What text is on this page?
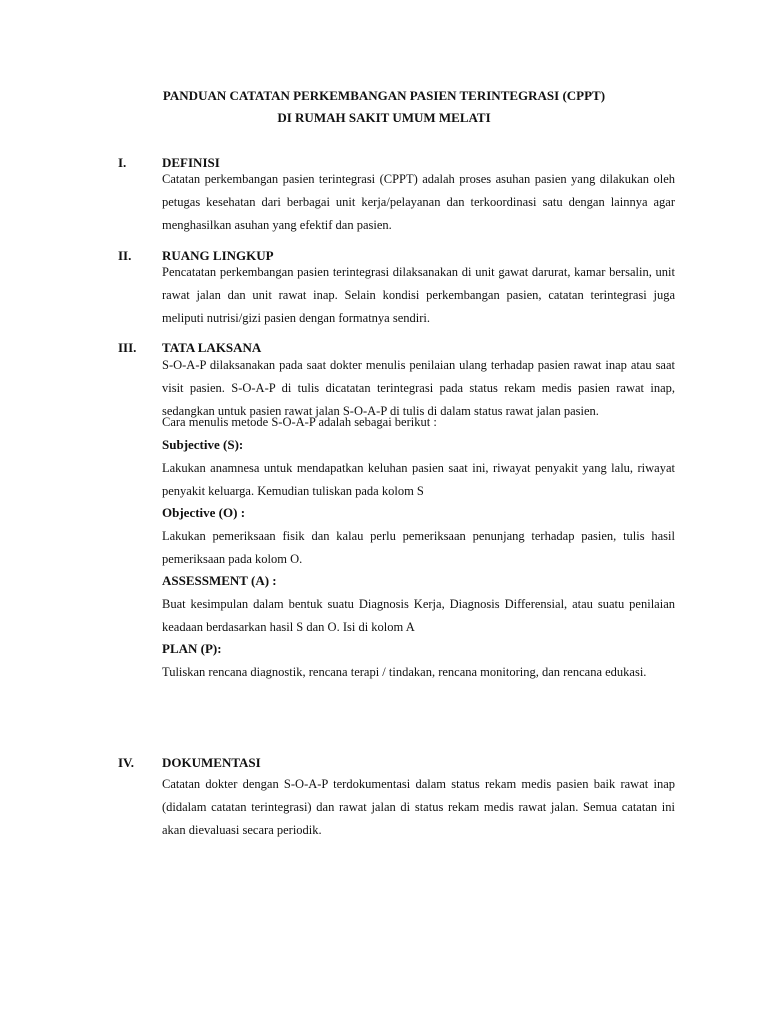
PANDUAN CATATAN PERKEMBANGAN PASIEN TERINTEGRASI (CPPT)
DI RUMAH SAKIT UMUM MELATI
I.	DEFINISI

Catatan perkembangan pasien terintegrasi (CPPT) adalah proses asuhan pasien yang dilakukan oleh petugas kesehatan dari berbagai unit kerja/pelayanan dan terkoordinasi satu dengan lainnya agar menghasilkan asuhan yang efektif dan pasien.

II. RUANG LINGKUP

Pencatatan perkembangan pasien terintegrasi dilaksanakan di unit gawat darurat, kamar bersalin, unit rawat jalan dan unit rawat inap. Selain kondisi perkembangan pasien, catatan terintegrasi juga meliputi nutrisi/gizi pasien dengan formatnya sendiri.

III. TATA LAKSANA

S-O-A-P dilaksanakan pada saat dokter menulis penilaian ulang terhadap pasien rawat inap atau saat visit pasien. S-O-A-P di tulis dicatatan terintegrasi pada status rekam medis pasien rawat inap, sedangkan untuk pasien rawat jalan S-O-A-P di tulis di dalam status rawat jalan pasien.

Cara menulis metode S-O-A-P adalah sebagai berikut :

Subjective (S):

Lakukan anamnesa untuk mendapatkan keluhan pasien saat ini, riwayat penyakit yang lalu, riwayat penyakit keluarga. Kemudian tuliskan pada kolom S

Objective (O) :

Lakukan pemeriksaan fisik dan kalau perlu pemeriksaan penunjang terhadap pasien, tulis hasil pemeriksaan pada kolom O.

ASSESSMENT (A) :

Buat kesimpulan dalam bentuk suatu Diagnosis Kerja, Diagnosis Differensial, atau suatu penilaian keadaan berdasarkan hasil S dan O. Isi di kolom A

PLAN (P):

Tuliskan rencana diagnostik, rencana terapi / tindakan, rencana monitoring, dan rencana edukasi.

IV. DOKUMENTASI

Catatan dokter dengan S-O-A-P terdokumentasi dalam status rekam medis pasien baik rawat inap (didalam catatan terintegrasi) dan rawat jalan di status rekam medis rawat jalan. Semua catatan ini akan dievaluasi secara periodik.
